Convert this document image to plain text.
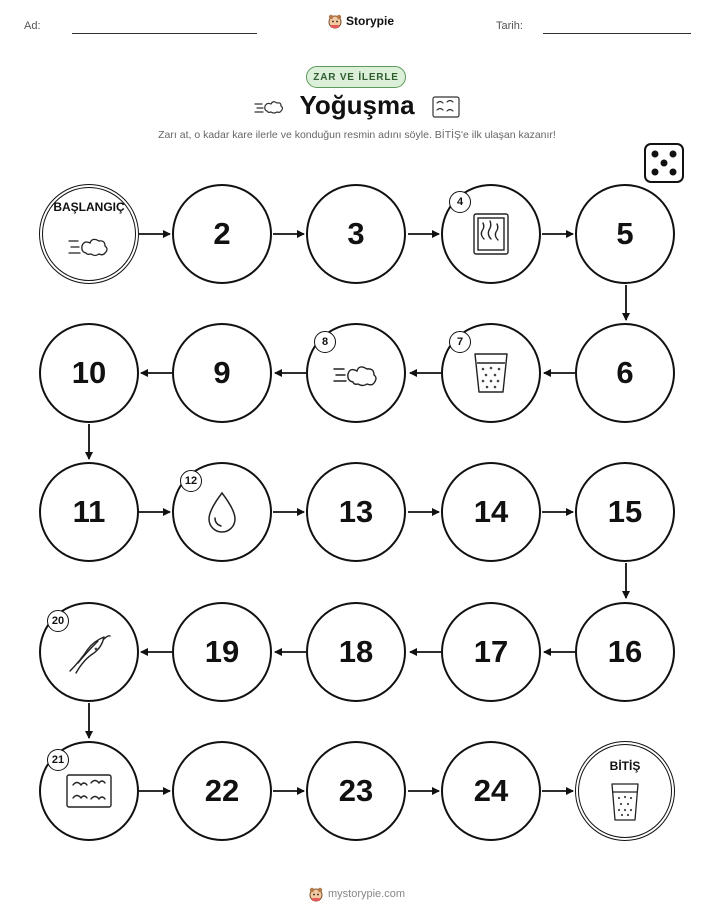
Ad:	Storypie	Tarih:
ZAR VE İLERLE
Yoğuşma
Zarı at, o kadar kare ilerle ve konduğun resmin adını söyle. BİTİŞ'e ilk ulaşan kazanır!
BAŞLANGIÇ
2	3
4
5
10	9
8	7
6
11
12
13	14	15
20
19	18	17	16
21
22	23	24
BİTİŞ
mystorypie.com
